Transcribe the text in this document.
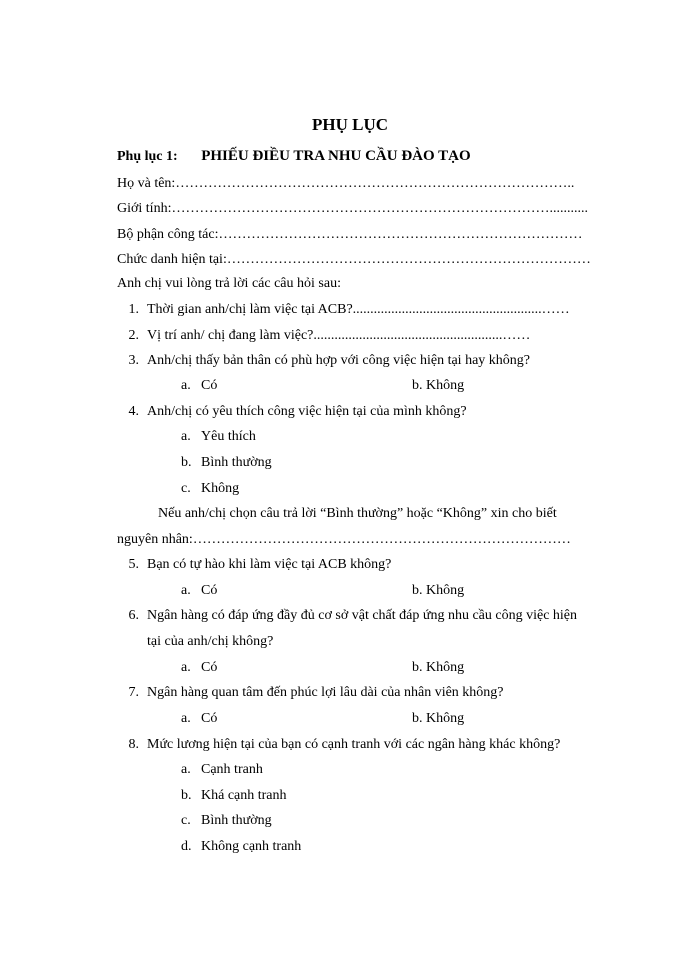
PHỤ LỤC
Phụ lục 1: PHIẾU ĐIỀU TRA NHU CẦU ĐÀO TẠO
Họ và tên:…………………………………………………………………………..
Giới tính:………………………………………………………………………...........
Bộ phận công tác:……………………………………………………………………
Chức danh hiện tại:……………………………………………………………………
Anh chị vui lòng trả lời các câu hỏi sau:
1. Thời gian anh/chị làm việc tại ACB?......................................................……
2. Vị trí anh/ chị đang làm việc?......................................................……
3. Anh/chị thấy bản thân có phù hợp với công việc hiện tại hay không?
a. Có	b. Không
4. Anh/chị có yêu thích công việc hiện tại của mình không?
a. Yêu thích
b. Bình thường
c. Không
Nếu anh/chị chọn câu trả lời “Bình thường” hoặc “Không” xin cho biết
nguyên nhân:………………………………………………………………………
5. Bạn có tự hào khi làm việc tại ACB không?
a. Có	b. Không
6. Ngân hàng có đáp ứng đầy đủ cơ sở vật chất đáp ứng nhu cầu công việc hiện
tại của anh/chị không?
a. Có	b. Không
7. Ngân hàng quan tâm đến phúc lợi lâu dài của nhân viên không?
a. Có	b. Không
8. Mức lương hiện tại của bạn có cạnh tranh với các ngân hàng khác không?
a. Cạnh tranh
b. Khá cạnh tranh
c. Bình thường
d. Không cạnh tranh
